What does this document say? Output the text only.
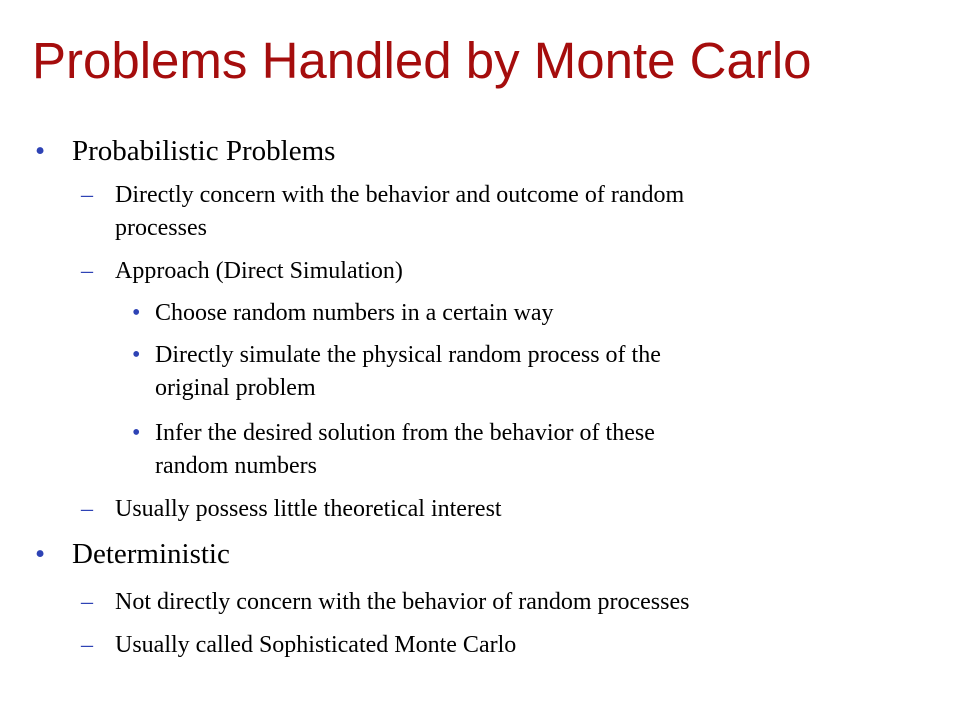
Problems Handled by Monte Carlo
• Probabilistic Problems
– Directly concern with the behavior and outcome of random
processes
– Approach (Direct Simulation)
• Choose random numbers in a certain way
• Directly simulate the physical random process of the
original problem
• Infer the desired solution from the behavior of these
random numbers
– Usually possess little theoretical interest
• Deterministic
– Not directly concern with the behavior of random processes
– Usually called Sophisticated Monte Carlo
